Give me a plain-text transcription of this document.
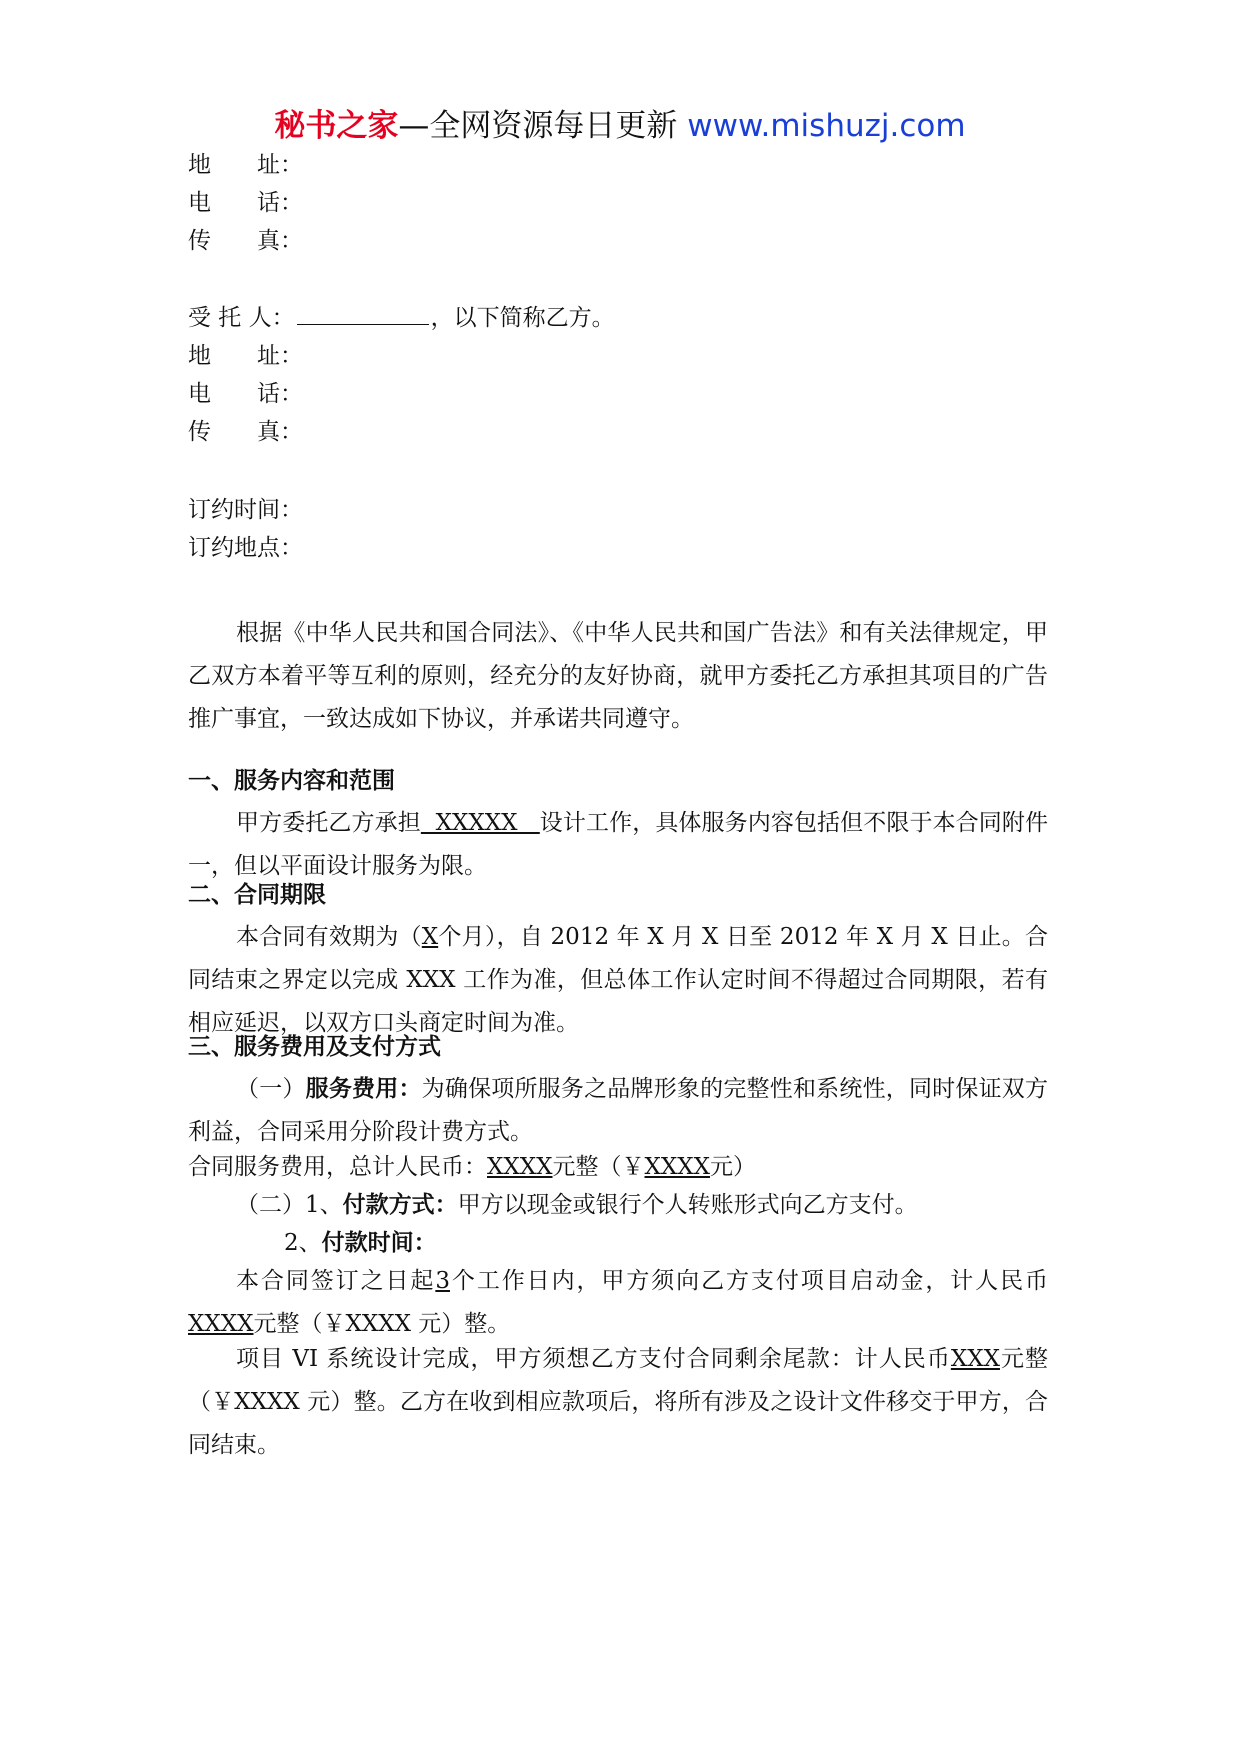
秘书之家—全网资源每日更新 www.mishuzj.com
地　　址：
电　　话：
传　　真：
受 托 人：	，以下简称乙方。
地　　址：
电　　话：
传　　真：
订约时间：
订约地点：
根据《中华人民共和国合同法》、《中华人民共和国广告法》和有关法律规定，甲乙双方本着平等互利的原则，经充分的友好协商，就甲方委托乙方承担其项目的广告推广事宜，一致达成如下协议，并承诺共同遵守。
一、服务内容和范围
甲方委托乙方承担  XXXXX   设计工作，具体服务内容包括但不限于本合同附件一，但以平面设计服务为限。
二、合同期限
本合同有效期为（X个月），自 2012 年 X 月 X 日至 2012 年 X 月 X 日止。合同结束之界定以完成 XXX 工作为准，但总体工作认定时间不得超过合同期限，若有相应延迟，以双方口头商定时间为准。
三、服务费用及支付方式
（一）服务费用：为确保项所服务之品牌形象的完整性和系统性，同时保证双方利益，合同采用分阶段计费方式。
合同服务费用，总计人民币：XXXX元整（￥XXXX元）
（二）1、付款方式：甲方以现金或银行个人转账形式向乙方支付。
2、付款时间：
本合同签订之日起3个工作日内，甲方须向乙方支付项目启动金，计人民币XXXX元整（￥XXXX 元）整。
项目 VI 系统设计完成，甲方须想乙方支付合同剩余尾款：计人民币XXX元整（￥XXXX 元）整。乙方在收到相应款项后，将所有涉及之设计文件移交于甲方，合同结束。
